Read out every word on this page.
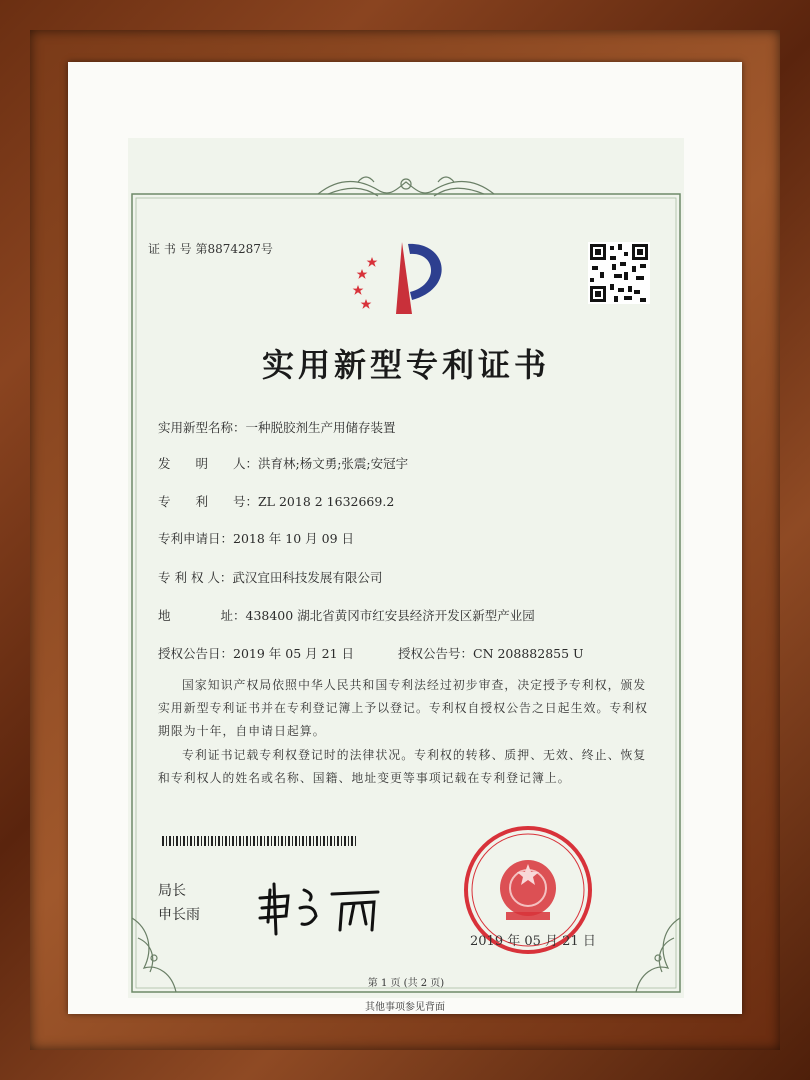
证 书 号 第8874287号
实用新型专利证书
实用新型名称：一种脱胶剂生产用储存装置
发　　明　　人：洪育林;杨文勇;张震;安冠宇
专　　利　　号：ZL 2018 2 1632669.2
专利申请日：2018 年 10 月 09 日
专 利 权 人：武汉宜田科技发展有限公司
地　　　　址：438400 湖北省黄冈市红安县经济开发区新型产业园
授权公告日：2019 年 05 月 21 日	授权公告号：CN 208882855 U
国家知识产权局依照中华人民共和国专利法经过初步审查，决定授予专利权，颁发实用新型专利证书并在专利登记簿上予以登记。专利权自授权公告之日起生效。专利权期限为十年，自申请日起算。
专利证书记载专利权登记时的法律状况。专利权的转移、质押、无效、终止、恢复和专利权人的姓名或名称、国籍、地址变更等事项记载在专利登记簿上。
局长
申长雨
2019 年 05 月 21 日
第 1 页 (共 2 页)
其他事项参见背面
